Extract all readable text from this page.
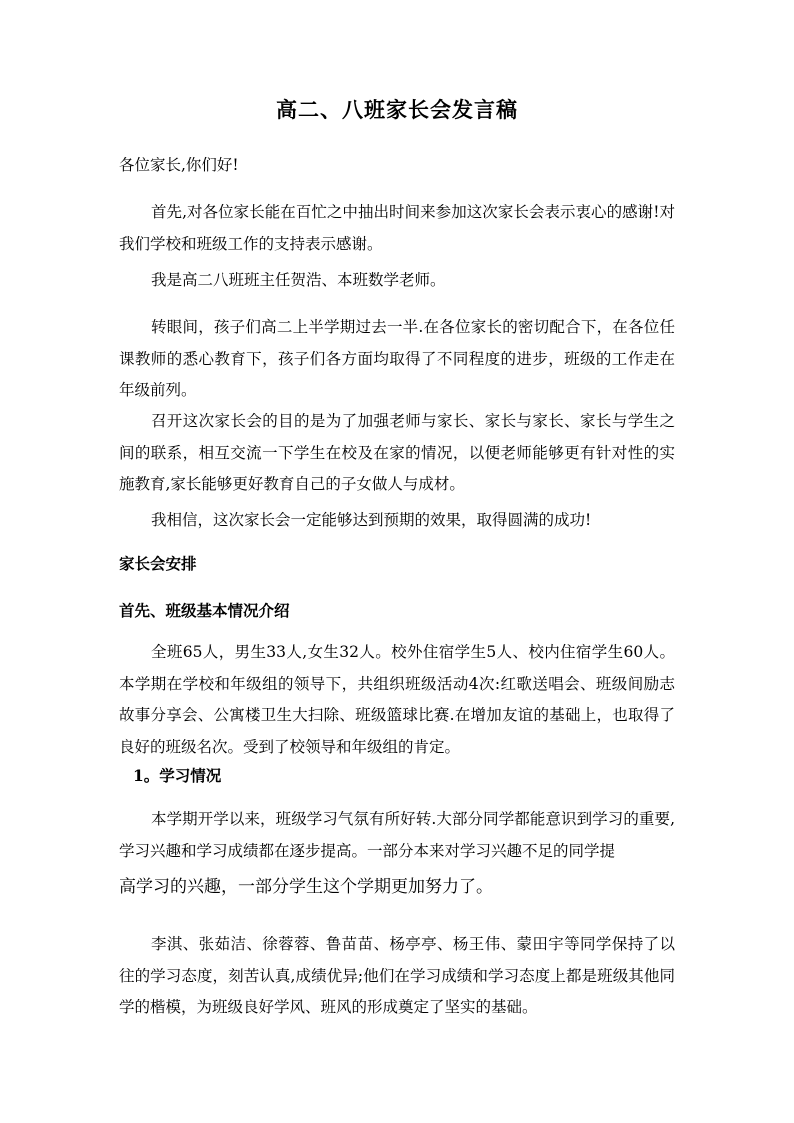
高二、八班家长会发言稿
各位家长,你们好!
首先,对各位家长能在百忙之中抽出时间来参加这次家长会表示衷心的感谢!对我们学校和班级工作的支持表示感谢。
我是高二八班班主任贺浩、本班数学老师。
转眼间，孩子们高二上半学期过去一半.在各位家长的密切配合下，在各位任课教师的悉心教育下，孩子们各方面均取得了不同程度的进步，班级的工作走在年级前列。
召开这次家长会的目的是为了加强老师与家长、家长与家长、家长与学生之间的联系，相互交流一下学生在校及在家的情况，以便老师能够更有针对性的实施教育,家长能够更好教育自己的子女做人与成材。
我相信，这次家长会一定能够达到预期的效果，取得圆满的成功!
家长会安排
首先、班级基本情况介绍
全班65人，男生33人,女生32人。校外住宿学生5人、校内住宿学生60人。本学期在学校和年级组的领导下，共组织班级活动4次:红歌送唱会、班级间励志故事分享会、公寓楼卫生大扫除、班级篮球比赛.在增加友谊的基础上，也取得了良好的班级名次。受到了校领导和年级组的肯定。
1。学习情况
本学期开学以来，班级学习气氛有所好转.大部分同学都能意识到学习的重要,学习兴趣和学习成绩都在逐步提高。一部分本来对学习兴趣不足的同学提
高学习的兴趣，一部分学生这个学期更加努力了。
李淇、张茹洁、徐蓉蓉、鲁苗苗、杨亭亭、杨王伟、蒙田宇等同学保持了以往的学习态度，刻苦认真,成绩优异;他们在学习成绩和学习态度上都是班级其他同学的楷模，为班级良好学风、班风的形成奠定了坚实的基础。
